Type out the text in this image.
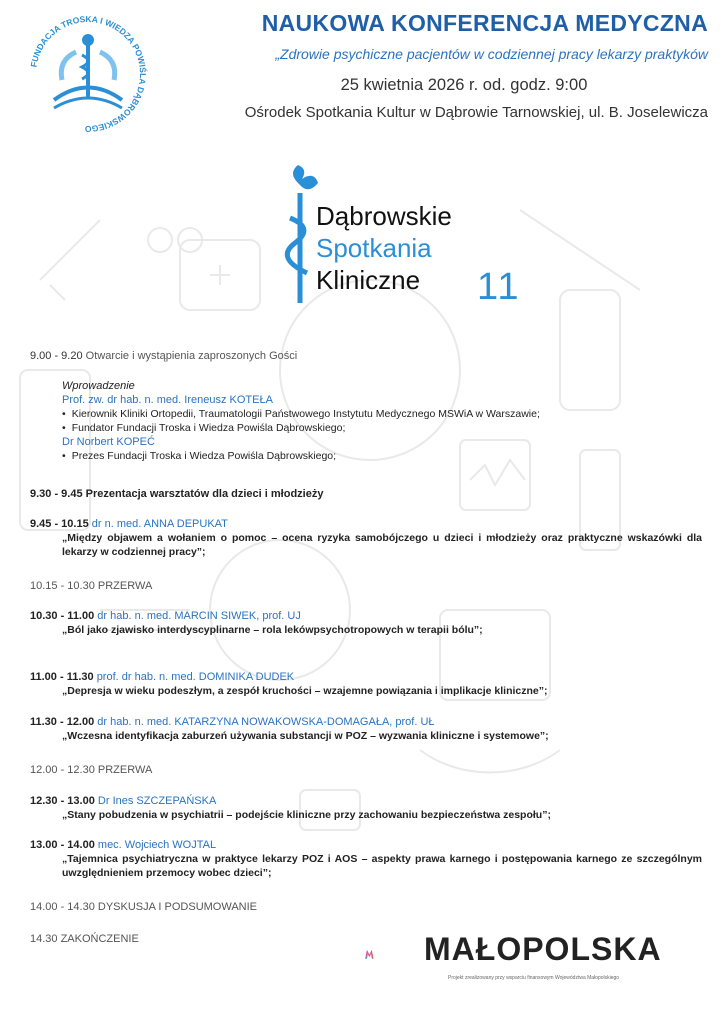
FUNDACJA TROSKA I WIEDZA POWIŚLA DĄBROWSKIEGO
NAUKOWA KONFERENCJA MEDYCZNA
„Zdrowie psychiczne pacjentów w codziennej pracy lekarzy praktyków
25 kwietnia 2026 r. od. godz. 9:00
Ośrodek Spotkania Kultur w Dąbrowie Tarnowskiej, ul. B. Joselewicza
Dąbrowskie
Spotkania
Kliniczne	11
9.00 - 9.20 Otwarcie i wystąpienia zaproszonych Gości
Wprowadzenie
Prof. zw. dr hab. n. med. Ireneusz KOTEŁA
• Kierownik Kliniki Ortopedii, Traumatologii Państwowego Instytutu Medycznego MSWiA w Warszawie;
• Fundator Fundacji Troska i Wiedza Powiśla Dąbrowskiego;
Dr Norbert KOPEĆ
• Prezes Fundacji Troska i Wiedza Powiśla Dąbrowskiego;
9.30 - 9.45 Prezentacja warsztatów dla dzieci i młodzieży
9.45 - 10.15 dr n. med. ANNA DEPUKAT
„Między objawem a wołaniem o pomoc – ocena ryzyka samobójczego u dzieci i młodzieży oraz praktyczne wskazówki dla lekarzy w codziennej pracy”;
10.15 - 10.30 PRZERWA
10.30 - 11.00 dr hab. n. med. MARCIN SIWEK, prof. UJ
„Ból jako zjawisko interdyscyplinarne – rola lekówpsychotropowych w terapii bólu”;
11.00 - 11.30 prof. dr hab. n. med. DOMINIKA DUDEK
„Depresja w wieku podeszłym, a zespół kruchości – wzajemne powiązania i implikacje kliniczne”;
11.30 - 12.00 dr hab. n. med. KATARZYNA NOWAKOWSKA-DOMAGAŁA, prof. UŁ
„Wczesna identyfikacja zaburzeń używania substancji w POZ – wyzwania kliniczne i systemowe”;
12.00 - 12.30 PRZERWA
12.30 - 13.00 Dr Ines SZCZEPAŃSKA
„Stany pobudzenia w psychiatrii – podejście kliniczne przy zachowaniu bezpieczeństwa zespołu”;
13.00 - 14.00 mec. Wojciech WOJTAL
„Tajemnica psychiatryczna w praktyce lekarzy POZ i AOS – aspekty prawa karnego i postępowania karnego ze szczególnym uwzględnieniem przemocy wobec dzieci”;
14.00 - 14.30 DYSKUSJA I PODSUMOWANIE
14.30 ZAKOŃCZENIE	MAŁOPOLSKA
Projekt zrealizowany przy wsparciu finansowym Województwa Małopolskiego
